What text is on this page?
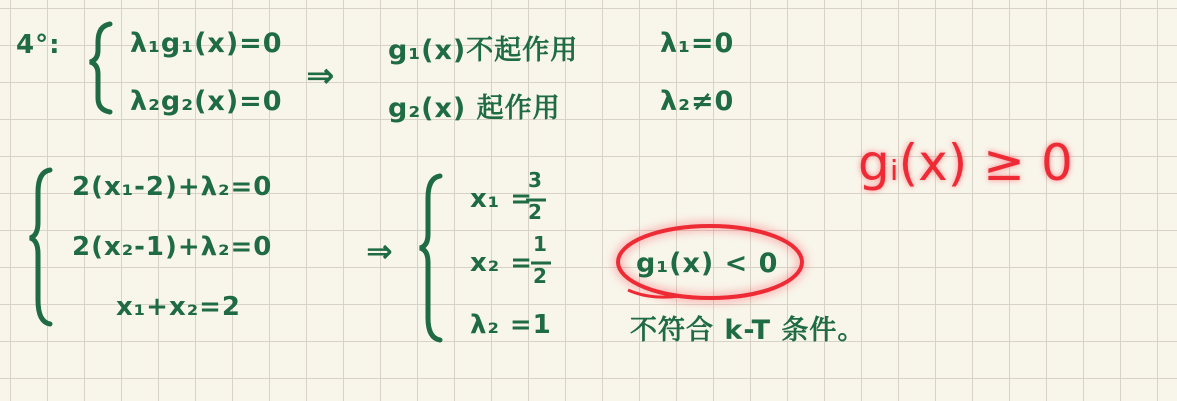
4°:	λ₁g₁(x)=0
λ₂g₂(x)=0
⇒
g₁(x)不起作用
g₂(x) 起作用
λ₁=0
λ₂≠0
gᵢ(x) ≥ 0
2(x₁-2)+λ₂=0
2(x₂-1)+λ₂=0
x₁+x₂=2
⇒
x₁ =
3
2
x₂ =
1
2
λ₂ =1
g₁(x) < 0
不符合 k-T 条件。
